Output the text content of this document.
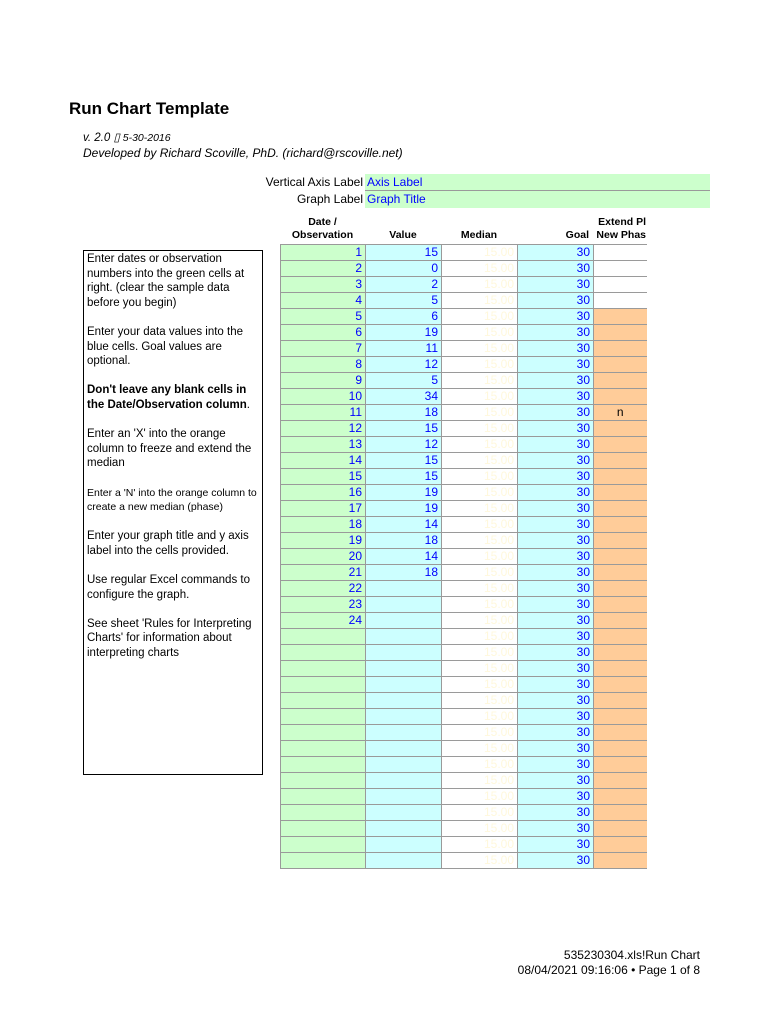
Run Chart Template
v. 2.0 ▯ 5-30-2016
Developed by Richard Scoville, PhD. (richard@rscoville.net)
Vertical Axis Label Axis Label
Graph Label Graph Title
Date /
Observation	Value	Median	Goal
Extend Pl
New Phas

Enter dates or observation numbers into the green cells at right. (clear the sample data before you begin)

Enter your data values into the blue cells. Goal values are optional.

Don't leave any blank cells in the Date/Observation column.

Enter an 'X' into the orange column to freeze and extend the median

Enter a 'N' into the orange column to create a new median (phase)

Enter your graph title and y axis label into the cells provided.

Use regular Excel commands to configure the graph.

See sheet 'Rules for Interpreting Charts' for information about interpreting charts

1	15	15.00	30	
2	0	15.00	30	
3	2	15.00	30	
4	5	15.00	30	
5	6	15.00	30	
6	19	15.00	30	
7	11	15.00	30	
8	12	15.00	30	
9	5	15.00	30	
10	34	15.00	30	
11	18	15.00	30	n
12	15	15.00	30	
13	12	15.00	30	
14	15	15.00	30	
15	15	15.00	30	
16	19	15.00	30	
17	19	15.00	30	
18	14	15.00	30	
19	18	15.00	30	
20	14	15.00	30	
21	18	15.00	30	
22		15.00	30	
23		15.00	30	
24		15.00	30	
		15.00	30	
		15.00	30	
		15.00	30	
		15.00	30	
		15.00	30	
		15.00	30	
		15.00	30	
		15.00	30	
		15.00	30	
		15.00	30	
		15.00	30	
		15.00	30	
		15.00	30	
		15.00	30	
		15.00	30	
535230304.xls!Run Chart
08/04/2021 09:16:06 • Page 1 of 8
